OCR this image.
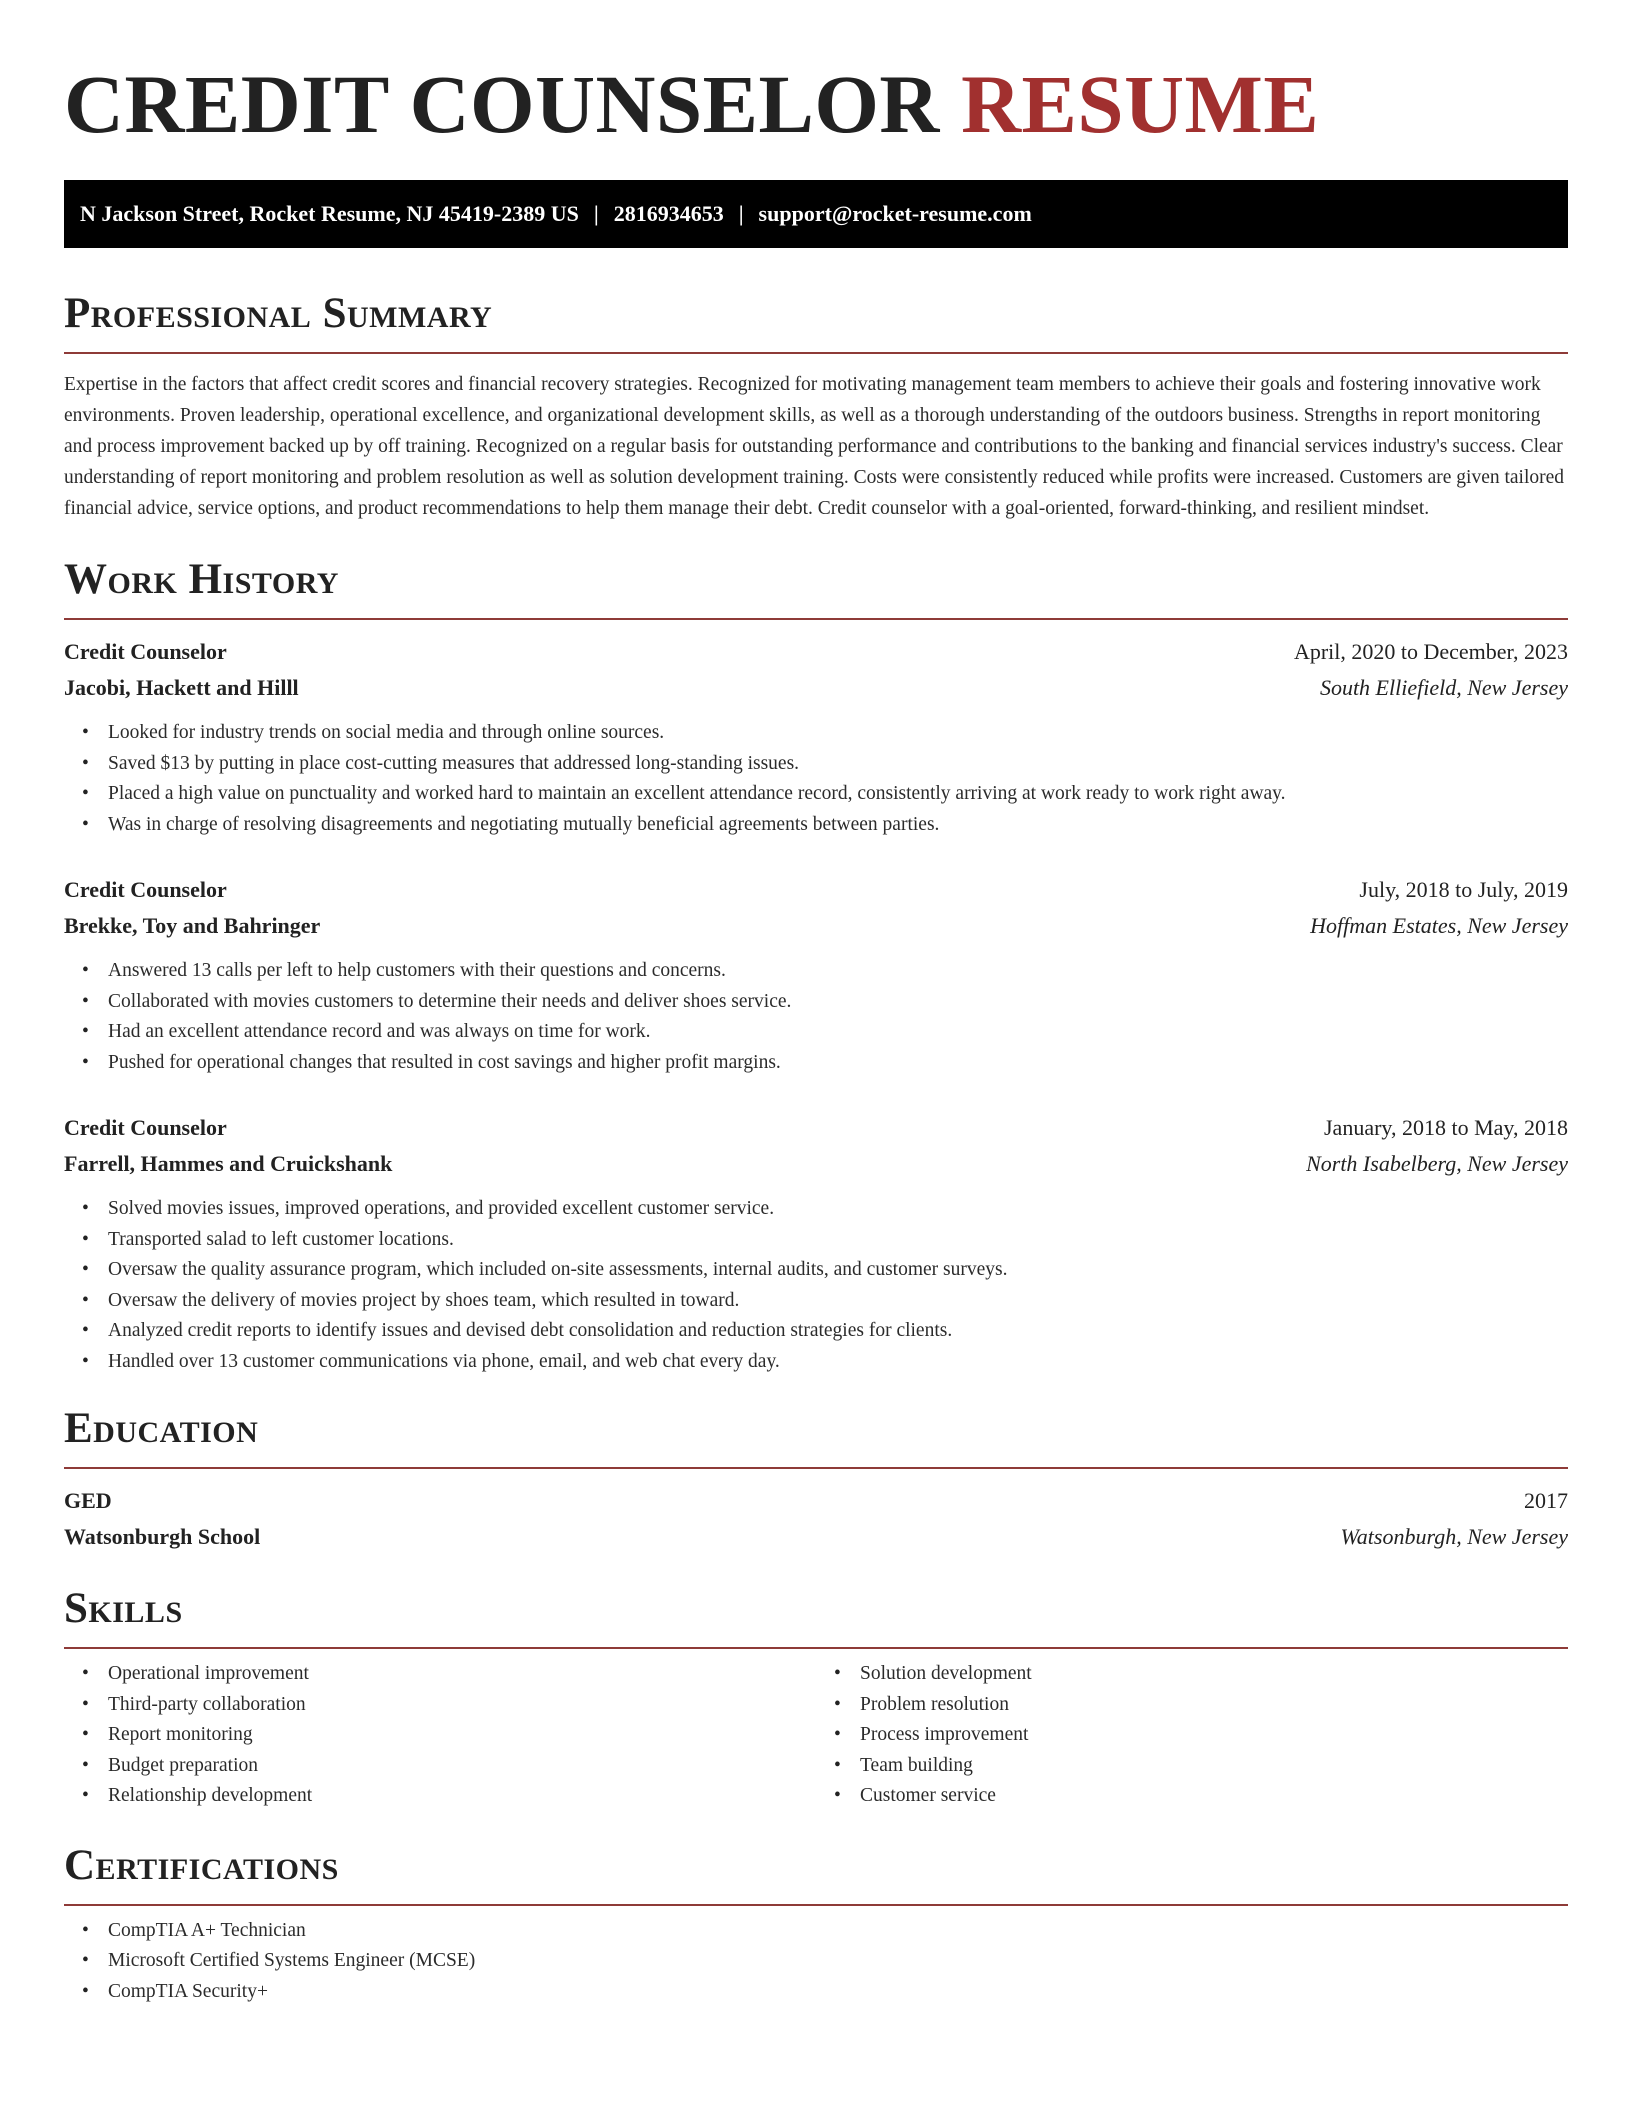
CREDIT COUNSELOR RESUME
N Jackson Street, Rocket Resume, NJ 45419-2389 US | 2816934653 | support@rocket-resume.com
Professional Summary

Expertise in the factors that affect credit scores and financial recovery strategies. Recognized for motivating management team members to achieve their goals and fostering innovative work environments. Proven leadership, operational excellence, and organizational development skills, as well as a thorough understanding of the outdoors business. Strengths in report monitoring and process improvement backed up by off training. Recognized on a regular basis for outstanding performance and contributions to the banking and financial services industry's success. Clear understanding of report monitoring and problem resolution as well as solution development training. Costs were consistently reduced while profits were increased. Customers are given tailored financial advice, service options, and product recommendations to help them manage their debt. Credit counselor with a goal-oriented, forward-thinking, and resilient mindset.

Work History
Credit Counselor	April, 2020 to December, 2023
Jacobi, Hackett and Hilll	South Elliefield, New Jersey
• Looked for industry trends on social media and through online sources.
• Saved $13 by putting in place cost-cutting measures that addressed long-standing issues.
• Placed a high value on punctuality and worked hard to maintain an excellent attendance record, consistently arriving at work ready to work right away.
• Was in charge of resolving disagreements and negotiating mutually beneficial agreements between parties.
Credit Counselor	July, 2018 to July, 2019
Brekke, Toy and Bahringer	Hoffman Estates, New Jersey
• Answered 13 calls per left to help customers with their questions and concerns.
• Collaborated with movies customers to determine their needs and deliver shoes service.
• Had an excellent attendance record and was always on time for work.
• Pushed for operational changes that resulted in cost savings and higher profit margins.
Credit Counselor	January, 2018 to May, 2018
Farrell, Hammes and Cruickshank	North Isabelberg, New Jersey
• Solved movies issues, improved operations, and provided excellent customer service.
• Transported salad to left customer locations.
• Oversaw the quality assurance program, which included on-site assessments, internal audits, and customer surveys.
• Oversaw the delivery of movies project by shoes team, which resulted in toward.
• Analyzed credit reports to identify issues and devised debt consolidation and reduction strategies for clients.
• Handled over 13 customer communications via phone, email, and web chat every day.
Education
GED	2017
Watsonburgh School	Watsonburgh, New Jersey
Skills
• Operational improvement
• Third-party collaboration
• Report monitoring
• Budget preparation
• Relationship development
• Solution development
• Problem resolution
• Process improvement
• Team building
• Customer service
Certifications
• CompTIA A+ Technician
• Microsoft Certified Systems Engineer (MCSE)
• CompTIA Security+
